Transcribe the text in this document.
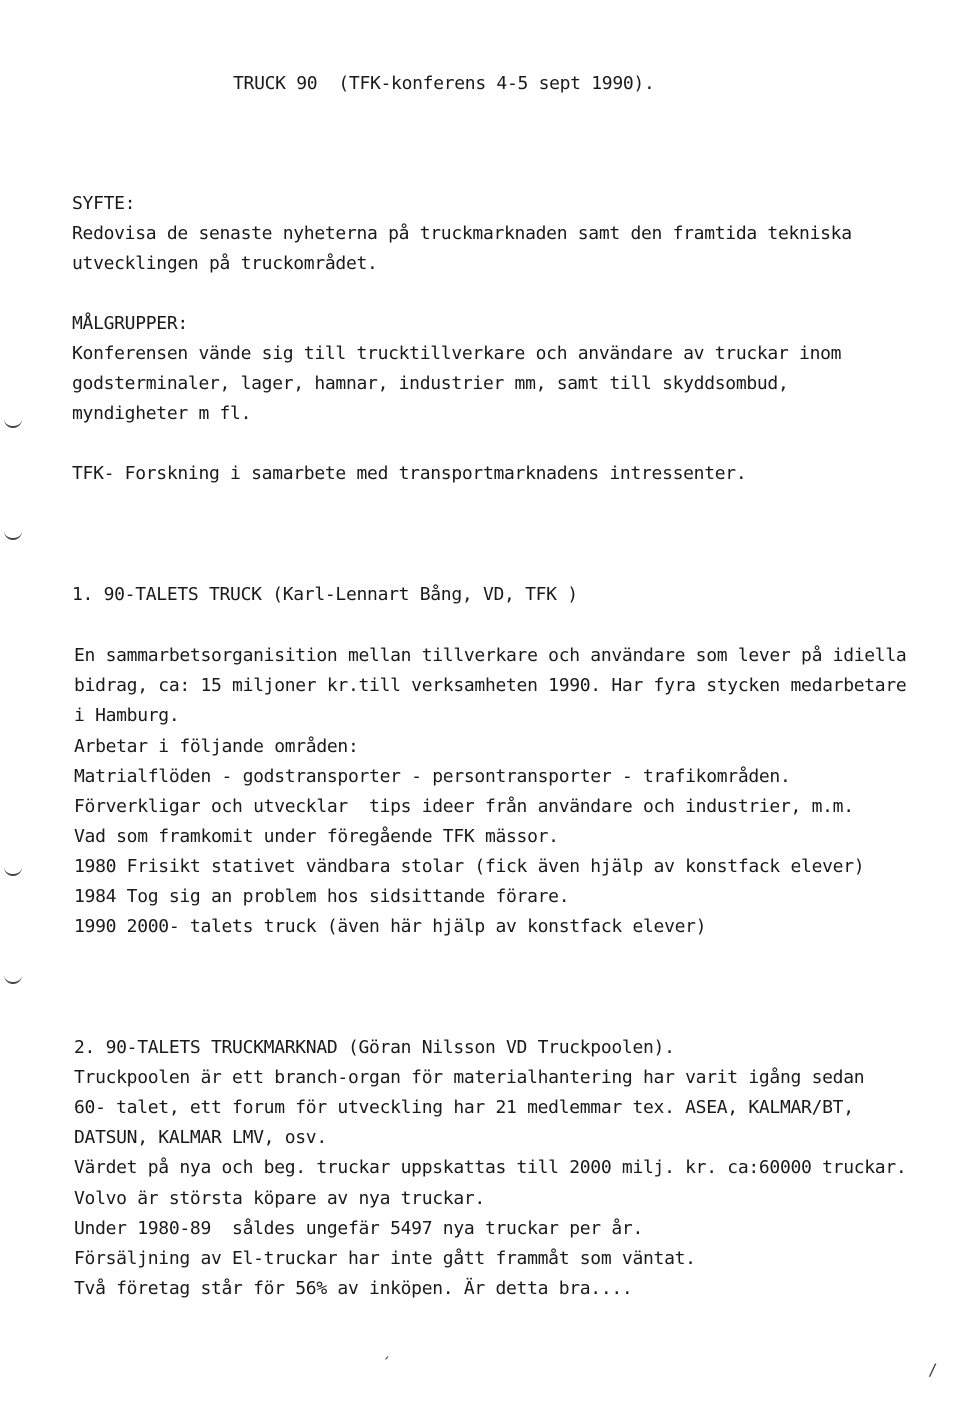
TRUCK 90  (TFK-konferens 4-5 sept 1990).
SYFTE:
Redovisa de senaste nyheterna på truckmarknaden samt den framtida tekniska
utvecklingen på truckområdet.
MÅLGRUPPER:
Konferensen vände sig till trucktillverkare och användare av truckar inom
godsterminaler, lager, hamnar, industrier mm, samt till skyddsombud,
myndigheter m fl.
TFK- Forskning i samarbete med transportmarknadens intressenter.
1. 90-TALETS TRUCK (Karl-Lennart Bång, VD, TFK )
En sammarbetsorganisition mellan tillverkare och användare som lever på idiella
bidrag, ca: 15 miljoner kr.till verksamheten 1990. Har fyra stycken medarbetare
i Hamburg.
Arbetar i följande områden:
Matrialflöden - godstransporter - persontransporter - trafikområden.
Förverkligar och utvecklar  tips ideer från användare och industrier, m.m.
Vad som framkomit under föregående TFK mässor.
1980 Frisikt stativet vändbara stolar (fick även hjälp av konstfack elever)
1984 Tog sig an problem hos sidsittande förare.
1990 2000- talets truck (även här hjälp av konstfack elever)
2. 90-TALETS TRUCKMARKNAD (Göran Nilsson VD Truckpoolen).
Truckpoolen är ett branch-organ för materialhantering har varit igång sedan
60- talet, ett forum för utveckling har 21 medlemmar tex. ASEA, KALMAR/BT,
DATSUN, KALMAR LMV, osv.
Värdet på nya och beg. truckar uppskattas till 2000 milj. kr. ca:60000 truckar.
Volvo är största köpare av nya truckar.
Under 1980-89  såldes ungefär 5497 nya truckar per år.
Försäljning av El-truckar har inte gått frammåt som väntat.
Två företag står för 56% av inköpen. Är detta bra....
ˏ
/
